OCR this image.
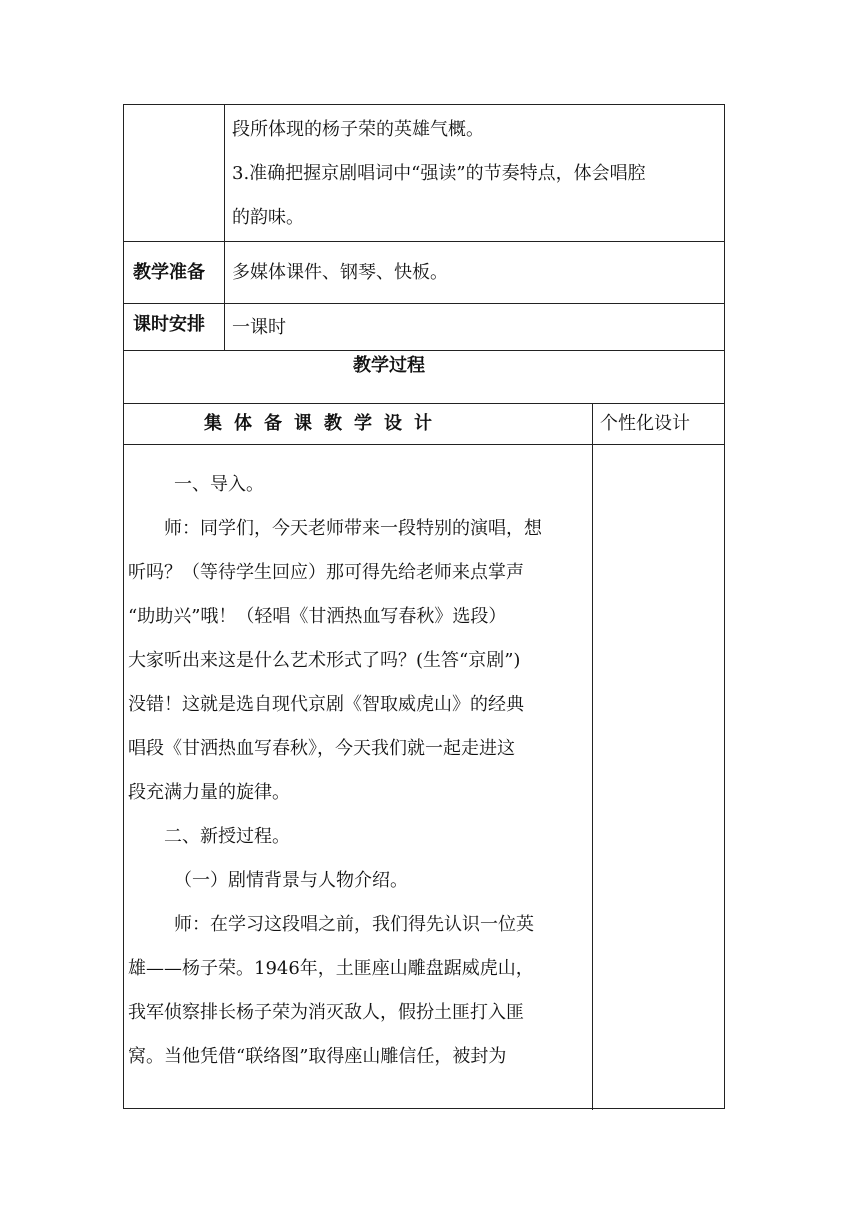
段所体现的杨子荣的英雄气概。
3.准确把握京剧唱词中“强读”的节奏特点，体会唱腔
的韵味。
教学准备 多媒体课件、钢琴、快板。
课时安排 一课时
教学过程
集体备课教学设计	个性化设计
一、导入。
师：同学们，今天老师带来一段特别的演唱，想
听吗？（等待学生回应）那可得先给老师来点掌声
“助助兴”哦！（轻唱《甘洒热血写春秋》选段）
大家听出来这是什么艺术形式了吗？(生答“京剧”)
没错！这就是选自现代京剧《智取威虎山》的经典
唱段《甘洒热血写春秋》，今天我们就一起走进这
段充满力量的旋律。
二、新授过程。
（一）剧情背景与人物介绍。
师：在学习这段唱之前，我们得先认识一位英
雄——杨子荣。1946年，土匪座山雕盘踞威虎山，
我军侦察排长杨子荣为消灭敌人，假扮土匪打入匪
窝。当他凭借“联络图”取得座山雕信任，被封为
